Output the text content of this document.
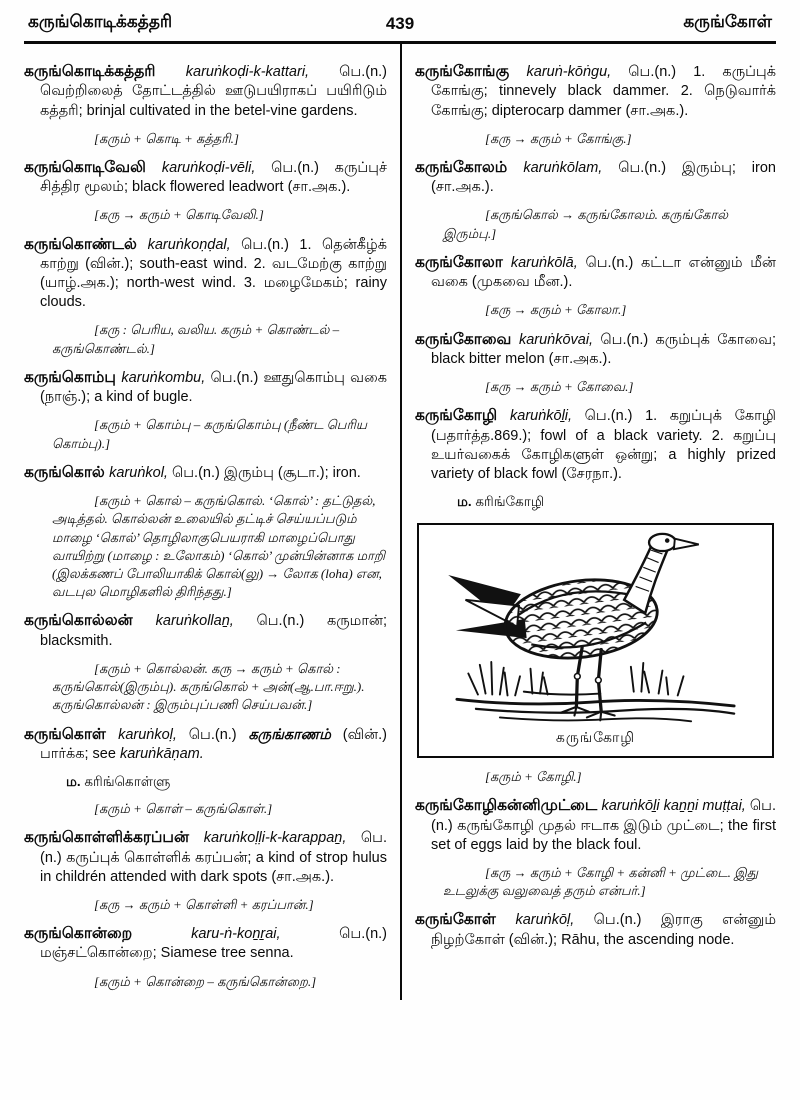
கருங்கொடிக்கத்தரி	439	கருங்கோள்

கருங்கொடிக்கத்தரி karuṅkoḍi-k-kattari, பெ.(n.) வெற்றிலைத் தோட்டத்தில் ஊடுபயிராகப் பயிரிடும் கத்தரி; brinjal cultivated in the betel-vine gardens.

[கரும் + கொடி + கத்தரி.]

கருங்கொடிவேலி karuṅkoḍi-vēli, பெ.(n.) கருப்புச் சித்திர மூலம்; black flowered leadwort (சா.அக.).

[கரு → கரும் + கொடிவேலி.]

கருங்கொண்டல் karuṅkoṇḍal, பெ.(n.) 1. தென்கீழ்க் காற்று (வின்.); south-east wind. 2. வடமேற்கு காற்று (யாழ்.அக.); north-west wind. 3. மழைமேகம்; rainy clouds.

[கரு : பெரிய, வலிய. கரும் + கொண்டல் – கருங்கொண்டல்.]

கருங்கொம்பு karuṅkombu, பெ.(n.) ஊதுகொம்பு வகை (நாஞ்.); a kind of bugle.

[கரும் + கொம்பு – கருங்கொம்பு (நீண்ட பெரிய கொம்பு).]

கருங்கொல் karuṅkol, பெ.(n.) இரும்பு (சூடா.); iron.

[கரும் + கொல் – கருங்கொல். ‘கொல்’ : தட்டுதல், அடித்தல். கொல்லன் உலையில் தட்டிச் செய்யப்படும் மாழை ‘கொல்’ தொழிலாகுபெயராகி மாழைப்பொது வாயிற்று (மாழை : உலோகம்) ‘கொல்’ முன்பின்னாக மாறி (இலக்கணப் போலியாகிக் கொல்(லு) → லோக (loha) என, வடபுல மொழிகளில் திரிந்தது.]

கருங்கொல்லன் karuṅkollaṉ, பெ.(n.) கருமான்; blacksmith.

[கரும் + கொல்லன். கரு → கரும் + கொல் : கருங்கொல்(இரும்பு). கருங்கொல் + அன்(ஆ.பா.ஈறு.). கருங்கொல்லன் : இரும்புப்பணி செய்பவன்.]

கருங்கொள் karuṅkoḷ, பெ.(n.) கருங்காணம் (வின்.) பார்க்க; see karuṅkāṇam.

ம. கரிங்கொள்ளு

[கரும் + கொள் – கருங்கொள்.]

கருங்கொள்ளிக்கரப்பன் karuṅkoḷḷi-k-karappaṉ, பெ.(n.) கருப்புக் கொள்ளிக் கரப்பன்; a kind of strop hulus in childrén attended with dark spots (சா.அக.).

[கரு → கரும் + கொள்ளி + கரப்பான்.]

கருங்கொன்றை karu-ṅ-koṉṟai, பெ.(n.) மஞ்சட்கொன்றை; Siamese tree senna.

[கரும் + கொன்றை – கருங்கொன்றை.]

கருங்கோங்கு karuṅ-kōṅgu, பெ.(n.) 1. கருப்புக் கோங்கு; tinnevely black dammer. 2. நெடுவார்க் கோங்கு; dipterocarp dammer (சா.அக.).

[கரு → கரும் + கோங்கு.]

கருங்கோலம் karuṅkōlam, பெ.(n.) இரும்பு; iron (சா.அக.).

[கருங்கொல் → கருங்கோலம். கருங்கோல் இரும்பு.]

கருங்கோலா karuṅkōlā, பெ.(n.) கட்டா என்னும் மீன் வகை (முகவை மீன.).

[கரு → கரும் + கோலா.]

கருங்கோவை karuṅkōvai, பெ.(n.) கரும்புக் கோவை; black bitter melon (சா.அக.).

[கரு → கரும் + கோவை.]

கருங்கோழி karuṅkōḻi, பெ.(n.) 1. கறுப்புக் கோழி (பதார்த்த.869.); fowl of a black variety. 2. கறுப்பு உயர்வகைக் கோழிகளுள் ஒன்று; a highly prized variety of black fowl (சேரநா.).

ம. கரிங்கோழி

கருங்கோழி

[கரும் + கோழி.]

கருங்கோழிகன்னிமுட்டை karuṅkōḻi kaṉṉi muṭṭai, பெ.(n.) கருங்கோழி முதல் ஈடாக இடும் முட்டை; the first set of eggs laid by the black foul.

[கரு → கரும் + கோழி + கன்னி + முட்டை. இது உடலுக்கு வலுவைத் தரும் என்பர்.]

கருங்கோள் karuṅkōḷ, பெ.(n.) இராகு என்னும் நிழற்கோள் (வின்.); Rāhu, the ascending node.
